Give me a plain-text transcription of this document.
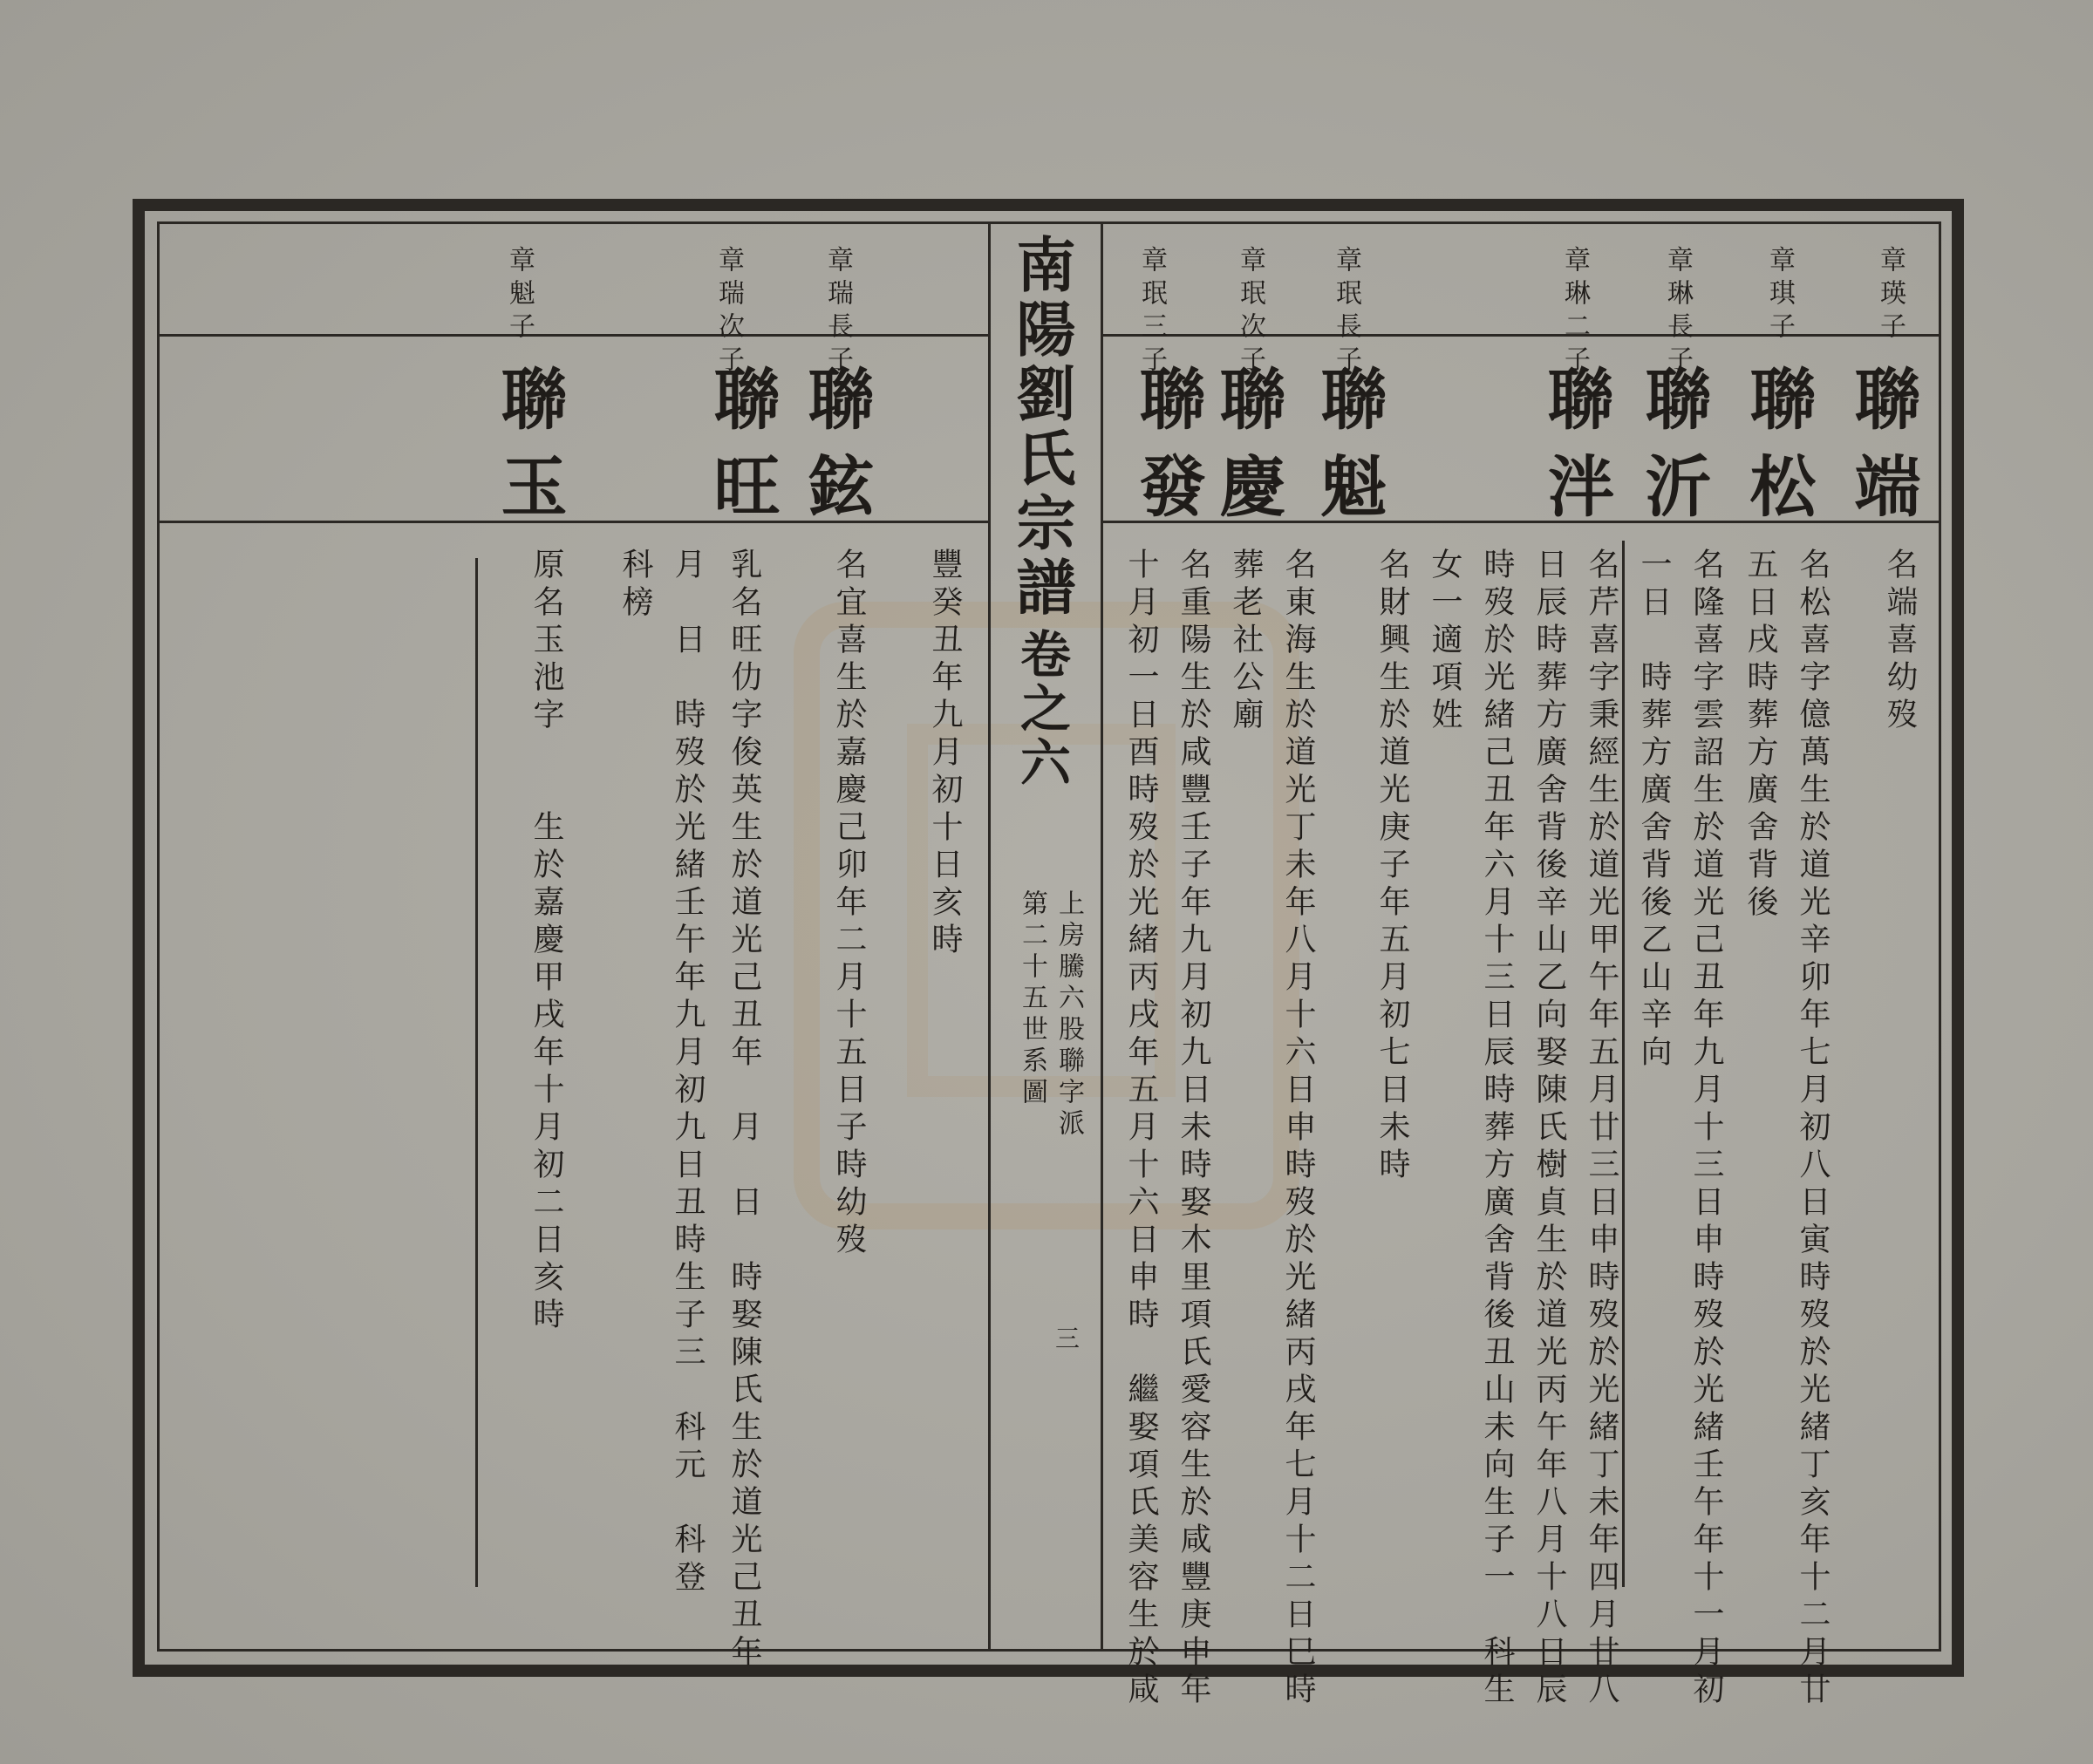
南陽劉氏宗譜
卷之六
上房騰六股聯字派
第二十五世系圖
三
章瑛子
章琪子
章琳長子
章琳二子
章珉長子
章珉次子
章珉三子
章瑞長子
章瑞次子
章魁子
聯端
聯松
聯沂
聯泮
聯魁
聯慶
聯發
聯鉉
聯旺
聯玉
名端喜幼歿
名松喜字億萬生於道光辛卯年七月初八日寅時歿於光緒丁亥年十二月廿
五日戌時葬方廣舍背後
名隆喜字雲詔生於道光己丑年九月十三日申時歿於光緒壬午年十一月初
一日　時葬方廣舍背後乙山辛向
名芹喜字秉經生於道光甲午年五月廿三日申時歿於光緒丁未年四月廿八
日辰時葬方廣舍背後辛山乙向娶陳氏樹貞生於道光丙午年八月十八日辰
時歿於光緒己丑年六月十三日辰時葬方廣舍背後丑山未向生子一　科生
女一適項姓
名財興生於道光庚子年五月初七日未時
名東海生於道光丁未年八月十六日申時歿於光緒丙戌年七月十二日巳時
葬老社公廟
名重陽生於咸豐壬子年九月初九日未時娶木里項氏愛容生於咸豐庚申年
十月初一日酉時歿於光緒丙戌年五月十六日申時　繼娶項氏美容生於咸
豐癸丑年九月初十日亥時
名宜喜生於嘉慶己卯年二月十五日子時幼歿
乳名旺仂字俊英生於道光己丑年　月　日　時娶陳氏生於道光己丑年
月　日　時歿於光緒壬午年九月初九日丑時生子三　科元　科登
科榜
原名玉池字　　生於嘉慶甲戌年十月初二日亥時
